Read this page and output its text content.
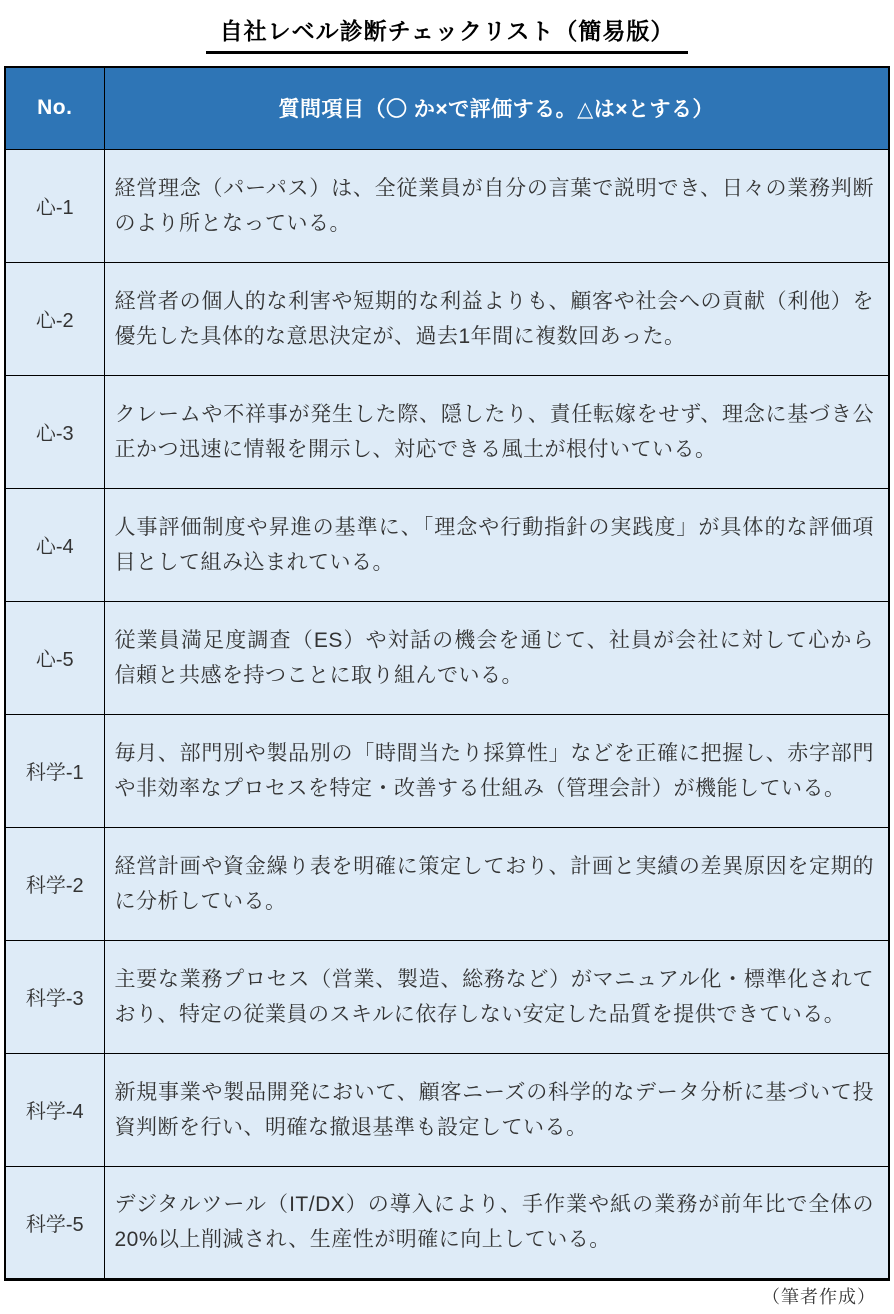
自社レベル診断チェックリスト（簡易版）
No.	質問項目（〇 か×で評価する。△は×とする）
心-1	経営理念（パーパス）は、全従業員が自分の言葉で説明でき、日々の業務判断のより所となっている。
心-2	経営者の個人的な利害や短期的な利益よりも、顧客や社会への貢献（利他）を優先した具体的な意思決定が、過去1年間に複数回あった。
心-3	クレームや不祥事が発生した際、隠したり、責任転嫁をせず、理念に基づき公正かつ迅速に情報を開示し、対応できる風土が根付いている。
心-4	人事評価制度や昇進の基準に、「理念や行動指針の実践度」が具体的な評価項目として組み込まれている。
心-5	従業員満足度調査（ES）や対話の機会を通じて、社員が会社に対して心から信頼と共感を持つことに取り組んでいる。
科学-1	毎月、部門別や製品別の「時間当たり採算性」などを正確に把握し、赤字部門や非効率なプロセスを特定・改善する仕組み（管理会計）が機能している。
科学-2	経営計画や資金繰り表を明確に策定しており、計画と実績の差異原因を定期的に分析している。
科学-3	主要な業務プロセス（営業、製造、総務など）がマニュアル化・標準化されており、特定の従業員のスキルに依存しない安定した品質を提供できている。
科学-4	新規事業や製品開発において、顧客ニーズの科学的なデータ分析に基づいて投資判断を行い、明確な撤退基準も設定している。
科学-5	デジタルツール（IT/DX）の導入により、手作業や紙の業務が前年比で全体の20%以上削減され、生産性が明確に向上している。
（筆者作成）
